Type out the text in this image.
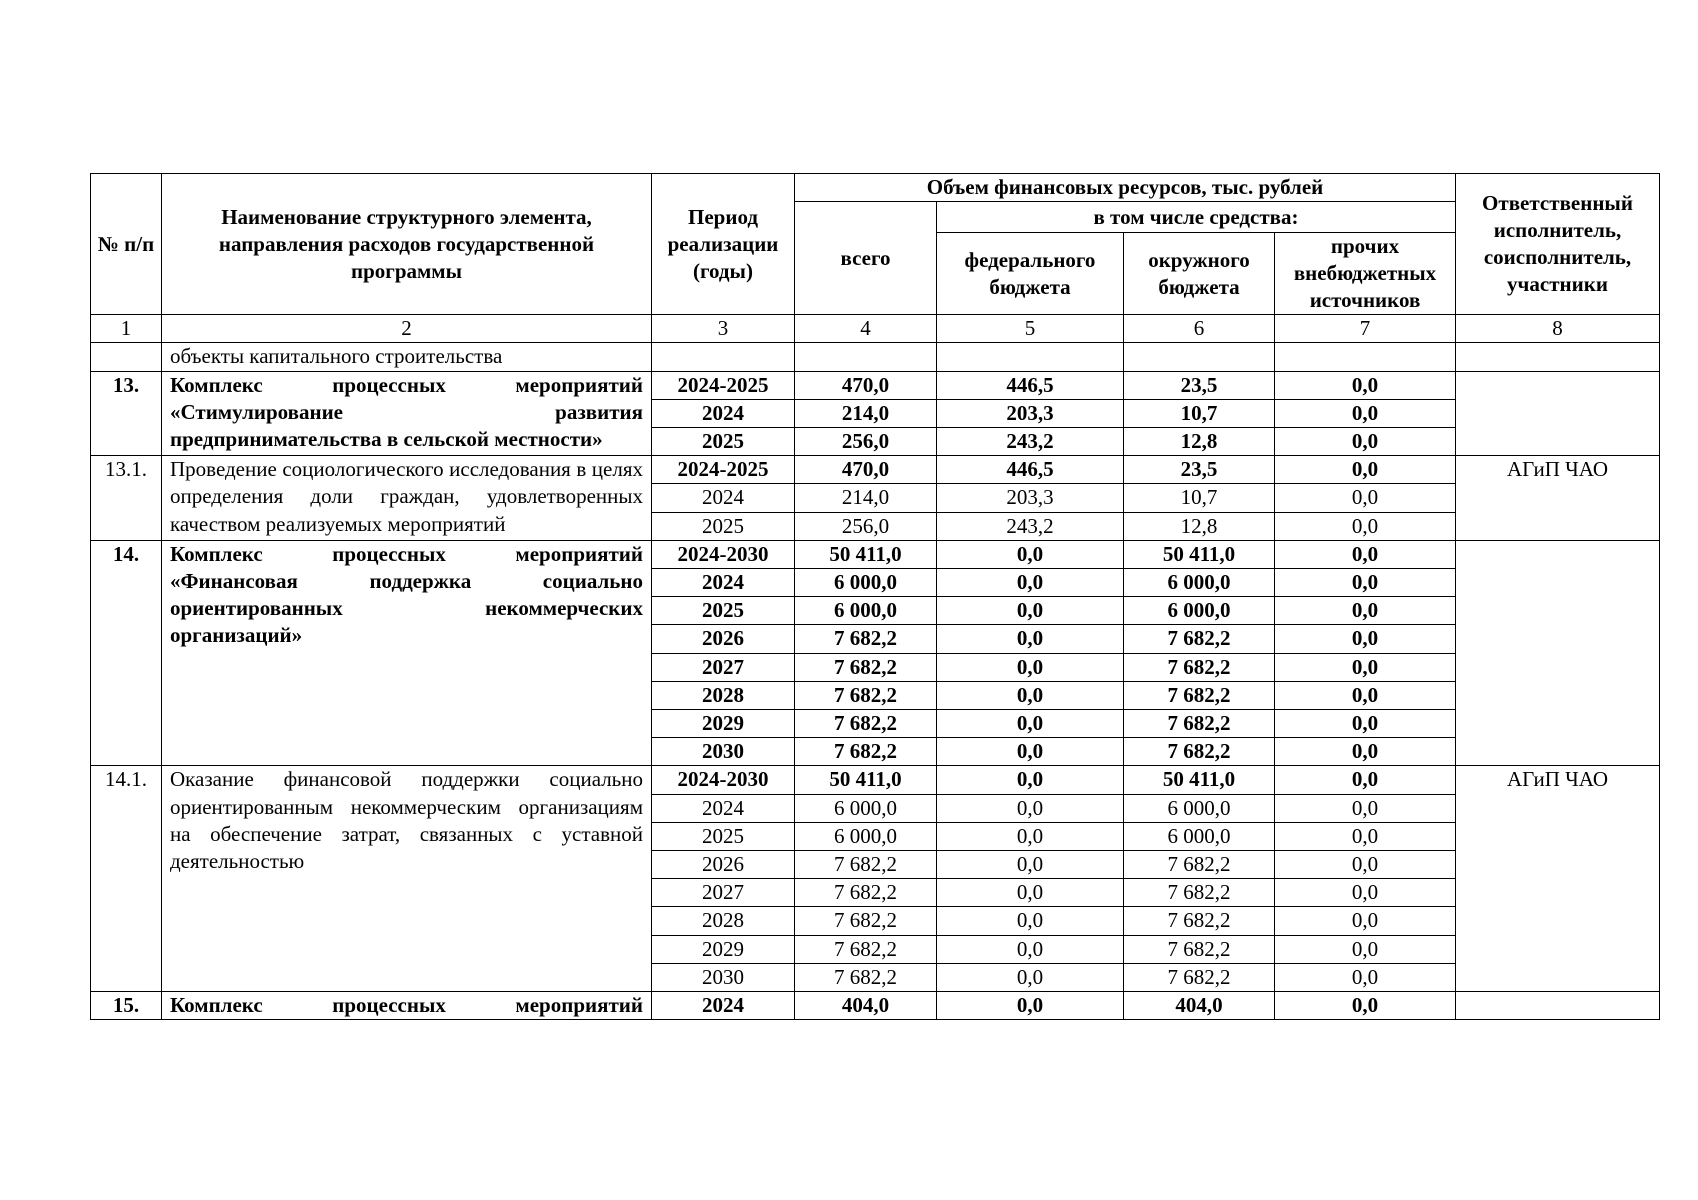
№ п/п	Наименование структурного элемента, направления расходов государственной программы	Период реализации (годы)	Объем финансовых ресурсов, тыс. рублей				Ответственный исполнитель, соисполнитель, участники
			всего	в том числе средства:			
				федерального бюджета	окружного бюджета	прочих внебюджетных источников	
1	2	3	4	5	6	7	8
	объекты капитального строительства						
13.	Комплекс процессных мероприятий «Стимулирование развития предпринимательства в сельской местности»	2024-2025	470,0	446,5	23,5	0,0	
		2024	214,0	203,3	10,7	0,0	
		2025	256,0	243,2	12,8	0,0	
13.1.	Проведение социологического исследования в целях определения доли граждан, удовлетворенных качеством реализуемых мероприятий	2024-2025	470,0	446,5	23,5	0,0	АГиП ЧАО
		2024	214,0	203,3	10,7	0,0	
		2025	256,0	243,2	12,8	0,0	
14.	Комплекс процессных мероприятий «Финансовая поддержка социально ориентированных некоммерческих организаций»	2024-2030	50 411,0	0,0	50 411,0	0,0	
		2024	6 000,0	0,0	6 000,0	0,0	
		2025	6 000,0	0,0	6 000,0	0,0	
		2026	7 682,2	0,0	7 682,2	0,0	
		2027	7 682,2	0,0	7 682,2	0,0	
		2028	7 682,2	0,0	7 682,2	0,0	
		2029	7 682,2	0,0	7 682,2	0,0	
		2030	7 682,2	0,0	7 682,2	0,0	
14.1.	Оказание финансовой поддержки социально ориентированным некоммерческим организациям на обеспечение затрат, связанных с уставной деятельностью	2024-2030	50 411,0	0,0	50 411,0	0,0	АГиП ЧАО
		2024	6 000,0	0,0	6 000,0	0,0	
		2025	6 000,0	0,0	6 000,0	0,0	
		2026	7 682,2	0,0	7 682,2	0,0	
		2027	7 682,2	0,0	7 682,2	0,0	
		2028	7 682,2	0,0	7 682,2	0,0	
		2029	7 682,2	0,0	7 682,2	0,0	
		2030	7 682,2	0,0	7 682,2	0,0	
15.	Комплекс процессных мероприятий	2024	404,0	0,0	404,0	0,0	
